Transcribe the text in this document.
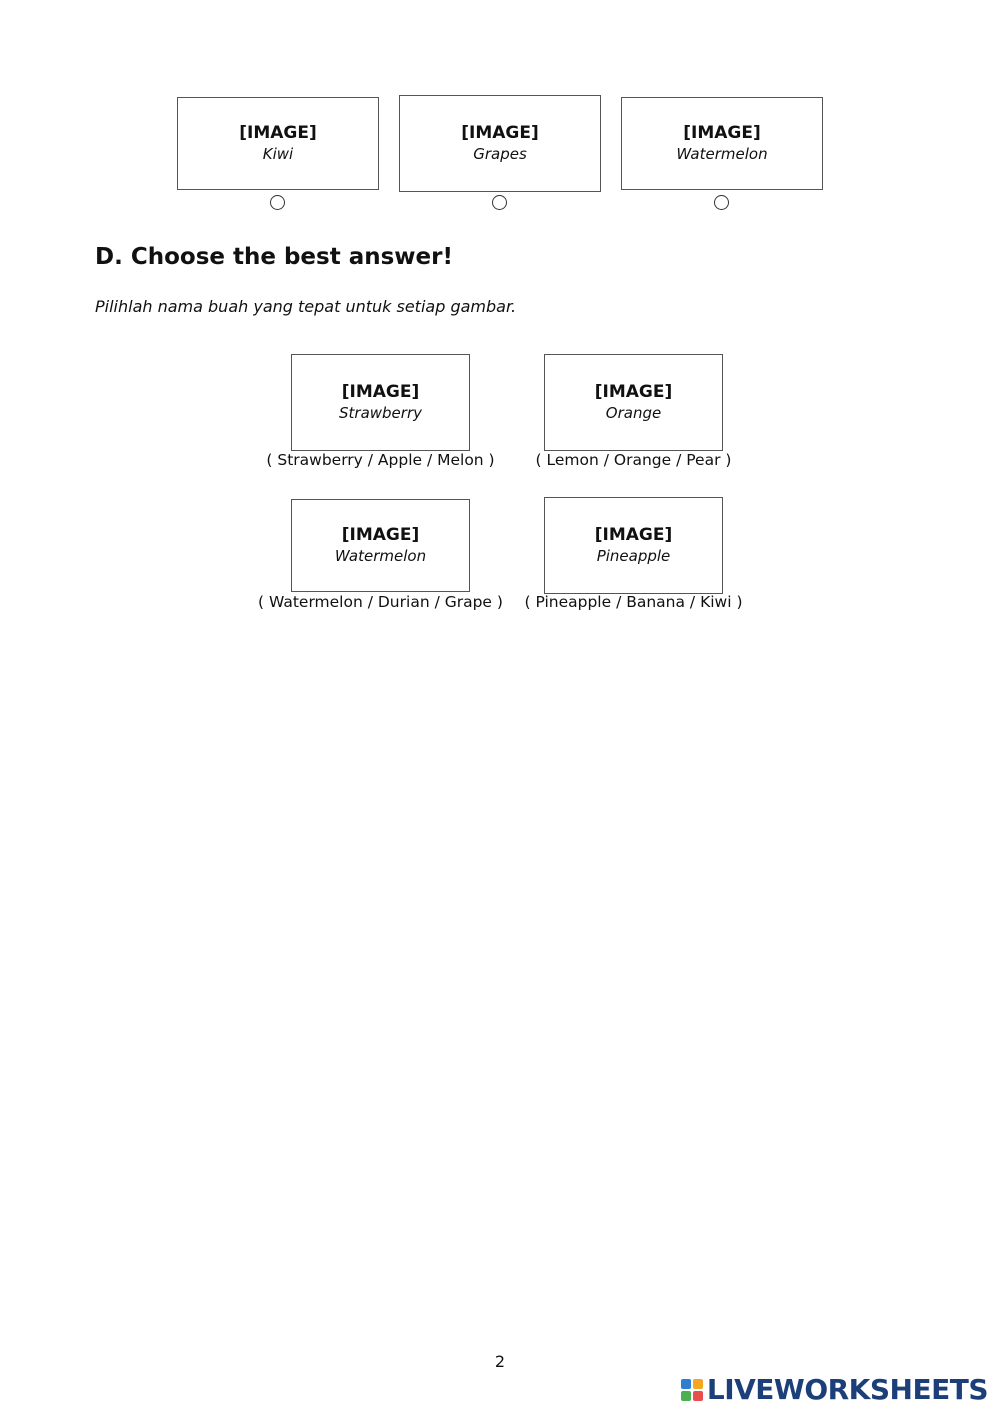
[IMAGE]
Kiwi
[IMAGE]
Grapes
[IMAGE]
Watermelon
D. Choose the best answer!
Pilihlah nama buah yang tepat untuk setiap gambar.
[IMAGE]
Strawberry
( Strawberry / Apple / Melon )
[IMAGE]
Orange
( Lemon / Orange / Pear )
[IMAGE]
Watermelon
( Watermelon / Durian / Grape )
[IMAGE]
Pineapple
( Pineapple / Banana / Kiwi )
2
LIVEWORKSHEETS
